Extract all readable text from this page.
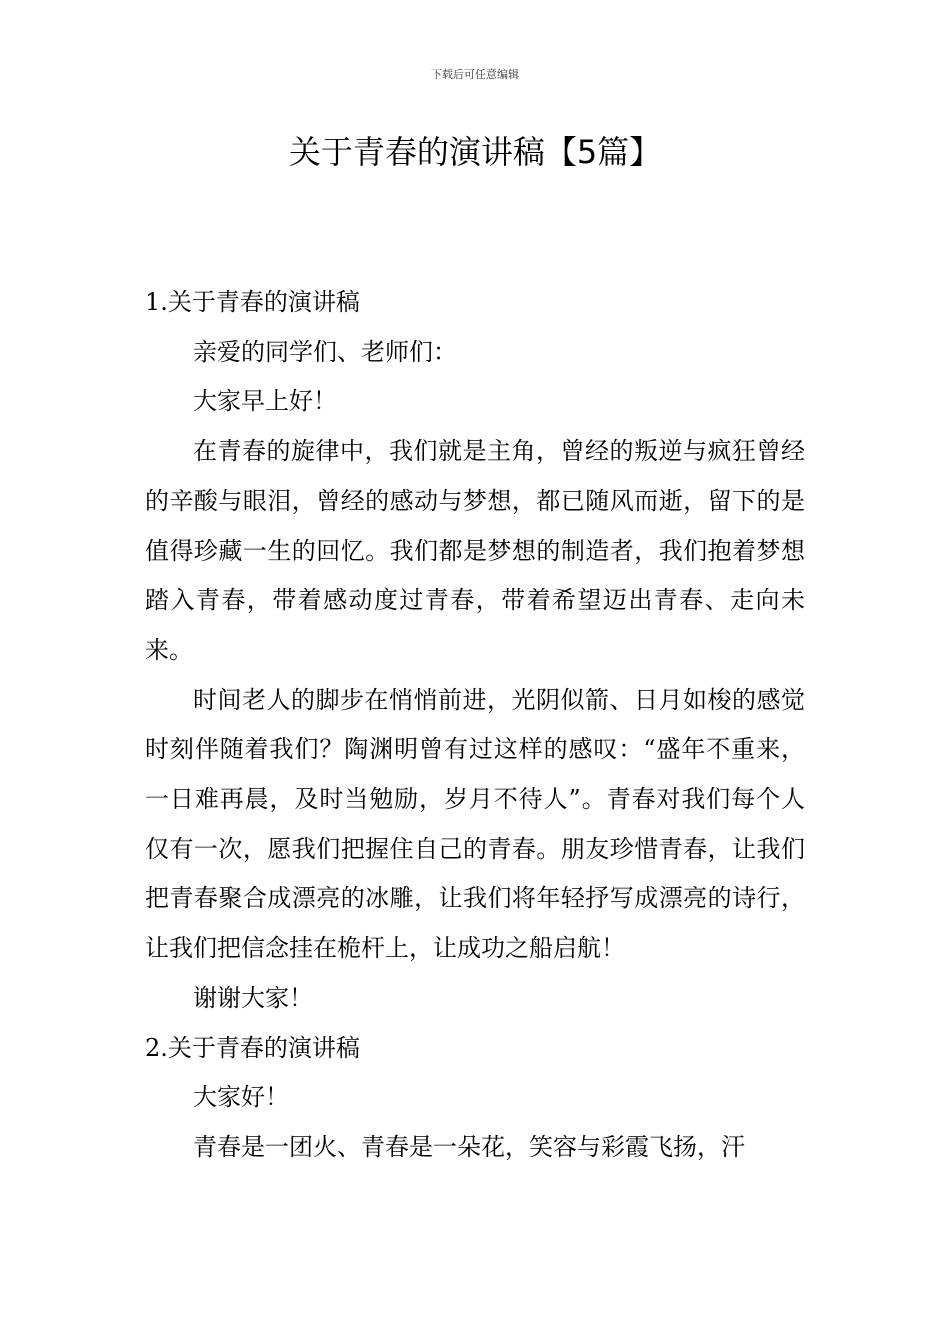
下载后可任意编辑
关于青春的演讲稿【5篇】

1.关于青春的演讲稿

亲爱的同学们、老师们：

大家早上好！

在青春的旋律中，我们就是主角，曾经的叛逆与疯狂曾经的辛酸与眼泪，曾经的感动与梦想，都已随风而逝，留下的是值得珍藏一生的回忆。我们都是梦想的制造者，我们抱着梦想踏入青春，带着感动度过青春，带着希望迈出青春、走向未来。

时间老人的脚步在悄悄前进，光阴似箭、日月如梭的感觉时刻伴随着我们？陶渊明曾有过这样的感叹：“盛年不重来，一日难再晨，及时当勉励，岁月不待人”。青春对我们每个人仅有一次，愿我们把握住自己的青春。朋友珍惜青春，让我们把青春聚合成漂亮的冰雕，让我们将年轻抒写成漂亮的诗行，让我们把信念挂在桅杆上，让成功之船启航！

谢谢大家！

2.关于青春的演讲稿

大家好！

青春是一团火、青春是一朵花，笑容与彩霞飞扬，汗
